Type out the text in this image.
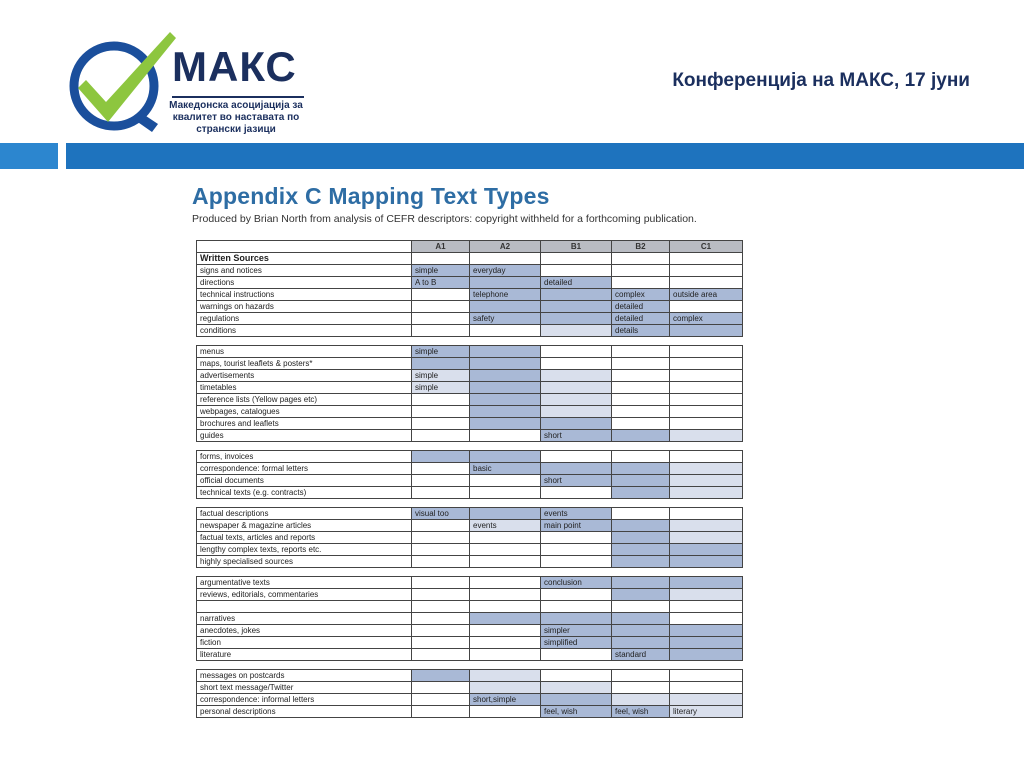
МАКС
Македонска асоцијација за
квалитет во наставата по
странски јазици
Конференција на МАКС, 17 јуни
Appendix C Mapping Text Types
Produced by Brian North from analysis of CEFR descriptors: copyright withheld for a forthcoming publication.
	A1	A2	B1	B2	C1
Written Sources					
signs and notices	simple	everyday			
directions	A to B		detailed		
technical instructions		telephone		complex	outside area
warnings on hazards				detailed	
regulations		safety		detailed	complex
conditions				details	

menus	simple				
maps, tourist leaflets & posters*					
advertisements	simple				
timetables	simple				
reference lists (Yellow pages etc)					
webpages, catalogues					
brochures and leaflets					
guides			short		

forms, invoices					
correspondence: formal letters		basic			
official documents			short		
technical texts (e.g. contracts)					

factual descriptions	visual too		events		
newspaper & magazine articles		events	main point		
factual texts, articles and reports					
lengthy complex texts, reports etc.					
highly specialised sources					

argumentative texts			conclusion		
reviews, editorials, commentaries					

narratives					
anecdotes, jokes			simpler		
fiction			simplified		
literature				standard	

messages on postcards					
short text message/Twitter					
correspondence: informal letters		short,simple			
personal descriptions			feel, wish	feel, wish	literary
